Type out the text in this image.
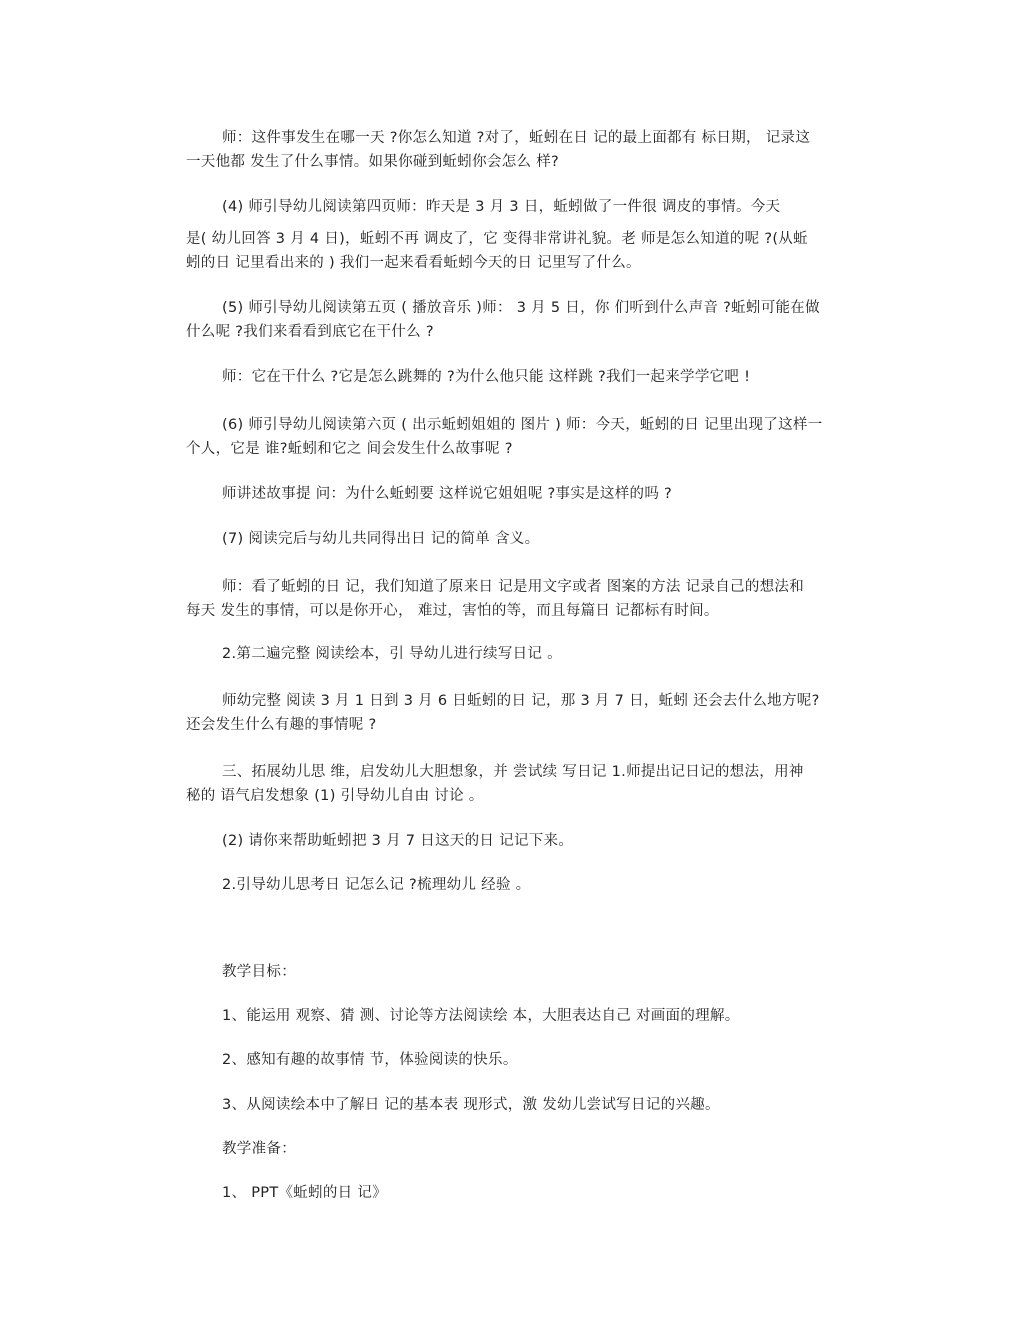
师：这件事发生在哪一天 ?你怎么知道 ?对了，蚯蚓在日 记的最上面都有 标日期， 记录这
一天他都 发生了什么事情。如果你碰到蚯蚓你会怎么 样?
(4) 师引导幼儿阅读第四页师：昨天是 3 月 3 日，蚯蚓做了一件很 调皮的事情。今天
是( 幼儿回答 3 月 4 日)，蚯蚓不再 调皮了，它 变得非常讲礼貌。老 师是怎么知道的呢 ?(从蚯
蚓的日 记里看出来的 ) 我们一起来看看蚯蚓今天的日 记里写了什么。
(5) 师引导幼儿阅读第五页 ( 播放音乐 )师： 3 月 5 日，你 们听到什么声音 ?蚯蚓可能在做
什么呢 ?我们来看看到底它在干什么 ?
师：它在干什么 ?它是怎么跳舞的 ?为什么他只能 这样跳 ?我们一起来学学它吧 !
(6) 师引导幼儿阅读第六页 ( 出示蚯蚓姐姐的 图片 ) 师：今天，蚯蚓的日 记里出现了这样一
个人，它是 谁?蚯蚓和它之 间会发生什么故事呢 ?
师讲述故事提 问：为什么蚯蚓要 这样说它姐姐呢 ?事实是这样的吗 ?
(7) 阅读完后与幼儿共同得出日 记的简单 含义。
师：看了蚯蚓的日 记，我们知道了原来日 记是用文字或者 图案的方法 记录自己的想法和
每天 发生的事情，可以是你开心， 难过，害怕的等，而且每篇日 记都标有时间。
2.第二遍完整 阅读绘本，引 导幼儿进行续写日记 。
师幼完整 阅读 3 月 1 日到 3 月 6 日蚯蚓的日 记，那 3 月 7 日，蚯蚓 还会去什么地方呢?
还会发生什么有趣的事情呢 ?
三、拓展幼儿思 维，启发幼儿大胆想象，并 尝试续 写日记 1.师提出记日记的想法，用神
秘的 语气启发想象 (1) 引导幼儿自由 讨论 。
(2) 请你来帮助蚯蚓把 3 月 7 日这天的日 记记下来。
2.引导幼儿思考日 记怎么记 ?梳理幼儿 经验 。
教学目标：
1、能运用 观察、猜 测、讨论等方法阅读绘 本，大胆表达自己 对画面的理解。
2、感知有趣的故事情 节，体验阅读的快乐。
3、从阅读绘本中了解日 记的基本表 现形式，激 发幼儿尝试写日记的兴趣。
教学准备：
1、 PPT《蚯蚓的日 记》
